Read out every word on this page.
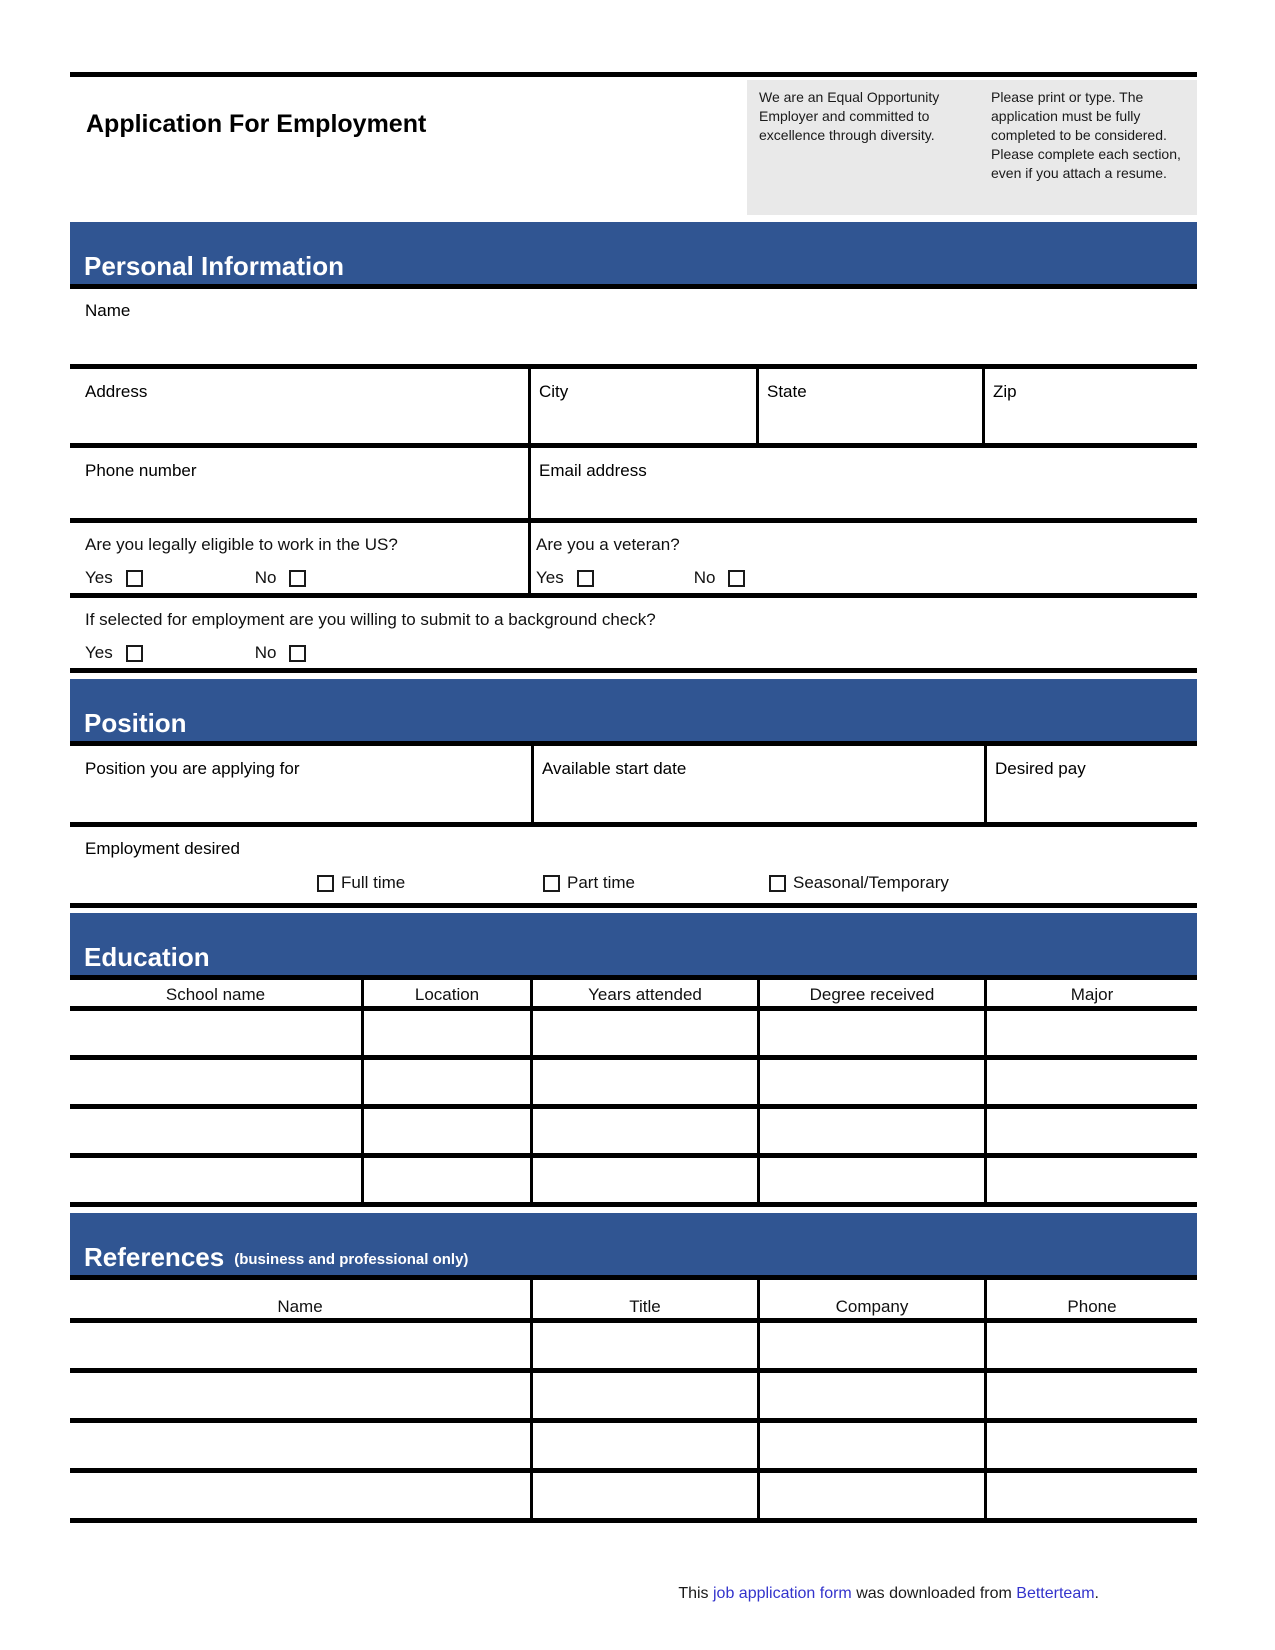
Application For Employment

We are an Equal Opportunity Employer and committed to excellence through diversity.

Please print or type. The application must be fully completed to be considered. Please complete each section, even if you attach a resume.

Personal Information
Name
Address	City	State	Zip
Phone number	Email address
Are you legally eligible to work in the US?
Yes	No
Are you a veteran?
Yes	No
If selected for employment are you willing to submit to a background check?
Yes	No
Position
Position you are applying for	Available start date	Desired pay
Employment desired
Full time	Part time	Seasonal/Temporary
Education
School name	Location	Years attended	Degree received	Major
References (business and professional only)
Name	Title	Company	Phone
This job application form was downloaded from Betterteam.
